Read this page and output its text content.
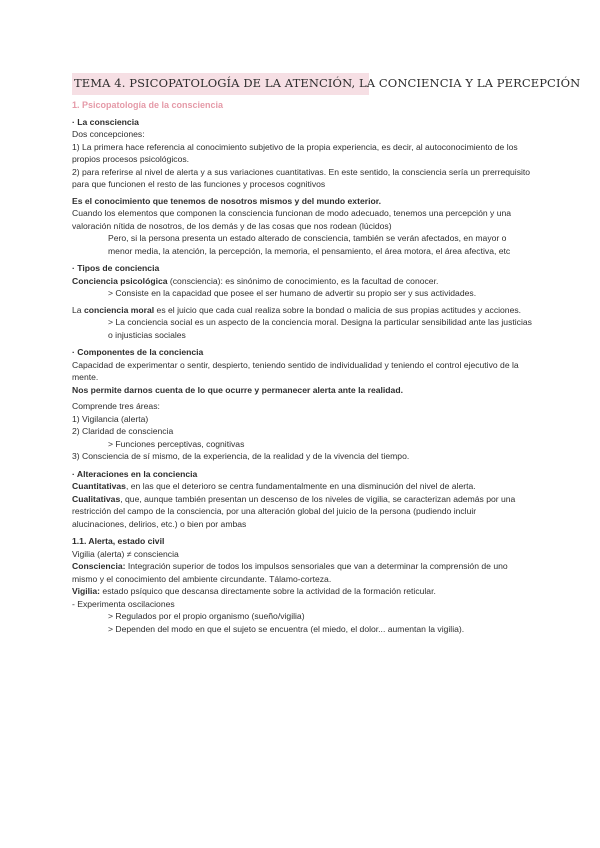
TEMA 4. PSICOPATOLOGÍA DE LA ATENCIÓN, LA CONCIENCIA Y LA PERCEPCIÓN
1. Psicopatología de la consciencia
· La consciencia
Dos concepciones:
1) La primera hace referencia al conocimiento subjetivo de la propia experiencia, es decir, al autoconocimiento de los propios procesos psicológicos.
2) para referirse al nivel de alerta y a sus variaciones cuantitativas. En este sentido, la consciencia sería un prerrequisito para que funcionen el resto de las funciones y procesos cognitivos
Es el conocimiento que tenemos de nosotros mismos y del mundo exterior.
Cuando los elementos que componen la consciencia funcionan de modo adecuado, tenemos una percepción y una valoración nítida de nosotros, de los demás y de las cosas que nos rodean (lúcidos)
Pero, si la persona presenta un estado alterado de consciencia, también se verán afectados, en mayor o menor media, la atención, la percepción, la memoria, el pensamiento, el área motora, el área afectiva, etc
· Tipos de conciencia
Conciencia psicológica (consciencia): es sinónimo de conocimiento, es la facultad de conocer.
> Consiste en la capacidad que posee el ser humano de advertir su propio ser y sus actividades.
La conciencia moral es el juicio que cada cual realiza sobre la bondad o malicia de sus propias actitudes y acciones.
> La conciencia social es un aspecto de la conciencia moral. Designa la particular sensibilidad ante las justicias o injusticias sociales
· Componentes de la conciencia
Capacidad de experimentar o sentir, despierto, teniendo sentido de individualidad y teniendo el control ejecutivo de la mente.
Nos permite darnos cuenta de lo que ocurre y permanecer alerta ante la realidad.
Comprende tres áreas:
1) Vigilancia (alerta)
2) Claridad de consciencia
> Funciones perceptivas, cognitivas
3) Consciencia de sí mismo, de la experiencia, de la realidad y de la vivencia del tiempo.
· Alteraciones en la conciencia
Cuantitativas, en las que el deterioro se centra fundamentalmente en una disminución del nivel de alerta.
Cualitativas, que, aunque también presentan un descenso de los niveles de vigilia, se caracterizan además por una restricción del campo de la consciencia, por una alteración global del juicio de la persona (pudiendo incluir alucinaciones, delirios, etc.) o bien por ambas
1.1. Alerta, estado civil
Vigilia (alerta) ≠ consciencia
Consciencia: Integración superior de todos los impulsos sensoriales que van a determinar la comprensión de uno mismo y el conocimiento del ambiente circundante. Tálamo-corteza.
Vigilia: estado psíquico que descansa directamente sobre la actividad de la formación reticular.
- Experimenta oscilaciones
> Regulados por el propio organismo (sueño/vigilia)
> Dependen del modo en que el sujeto se encuentra (el miedo, el dolor... aumentan la vigilia).
